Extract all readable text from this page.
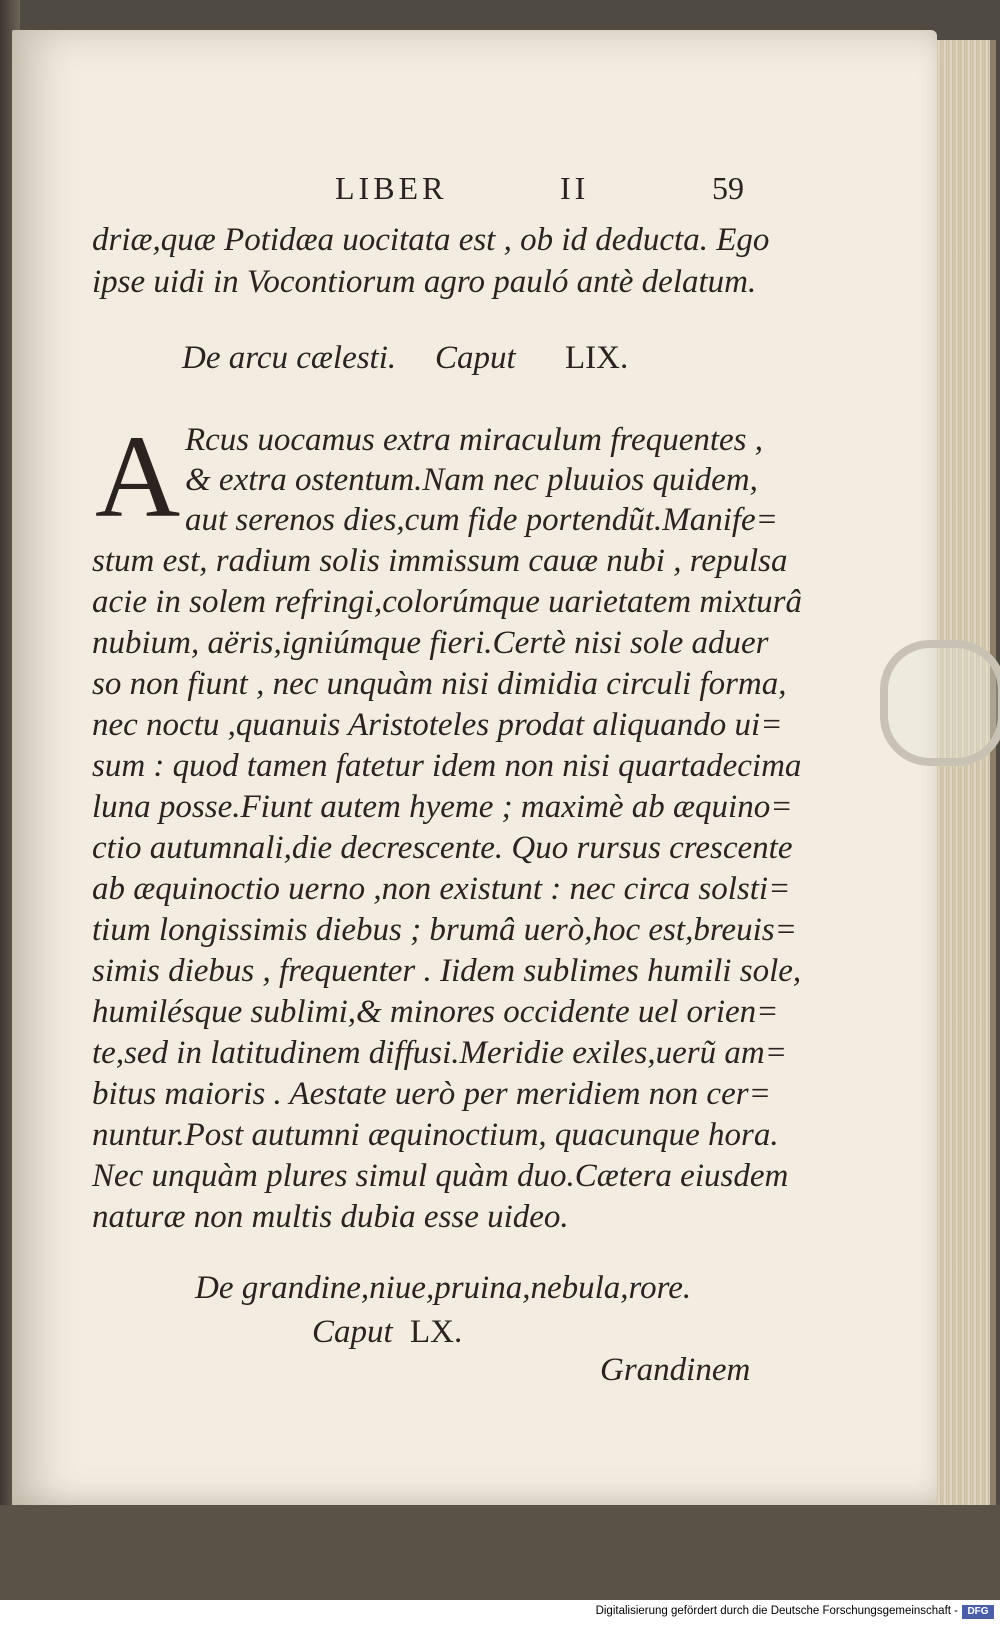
LIBER	II	59
driæ,quæ Potidæa uocitata est , ob id deducta. Ego
ipse uidi in Vocontiorum agro pauló antè delatum.
De arcu cælesti. Caput LIX.
A Rcus uocamus extra miraculum frequentes ,
& extra ostentum.Nam nec pluuios quidem,
aut serenos dies,cum fide portendũt.Manife=
stum est, radium solis immissum cauæ nubi , repulsa
acie in solem refringi,colorúmque uarietatem mixturâ
nubium, aëris,igniúmque fieri.Certè nisi sole aduer
so non fiunt , nec unquàm nisi dimidia circuli forma,
nec noctu ,quanuis Aristoteles prodat aliquando ui=
sum : quod tamen fatetur idem non nisi quartadecima
luna posse.Fiunt autem hyeme ; maximè ab æquino=
ctio autumnali,die decrescente. Quo rursus crescente
ab æquinoctio uerno ,non existunt : nec circa solsti=
tium longissimis diebus ; brumâ uerò,hoc est,breuis=
simis diebus , frequenter . Iidem sublimes humili sole,
humilésque sublimi,& minores occidente uel orien=
te,sed in latitudinem diffusi.Meridie exiles,uerũ am=
bitus maioris . Aestate uerò per meridiem non cer=
nuntur.Post autumni æquinoctium, quacunque hora.
Nec unquàm plures simul quàm duo.Cætera eiusdem
naturæ non multis dubia esse uideo.
De grandine,niue,pruina,nebula,rore.
Caput LX.
Grandinem
Digitalisierung gefördert durch die Deutsche Forschungsgemeinschaft - DFG
